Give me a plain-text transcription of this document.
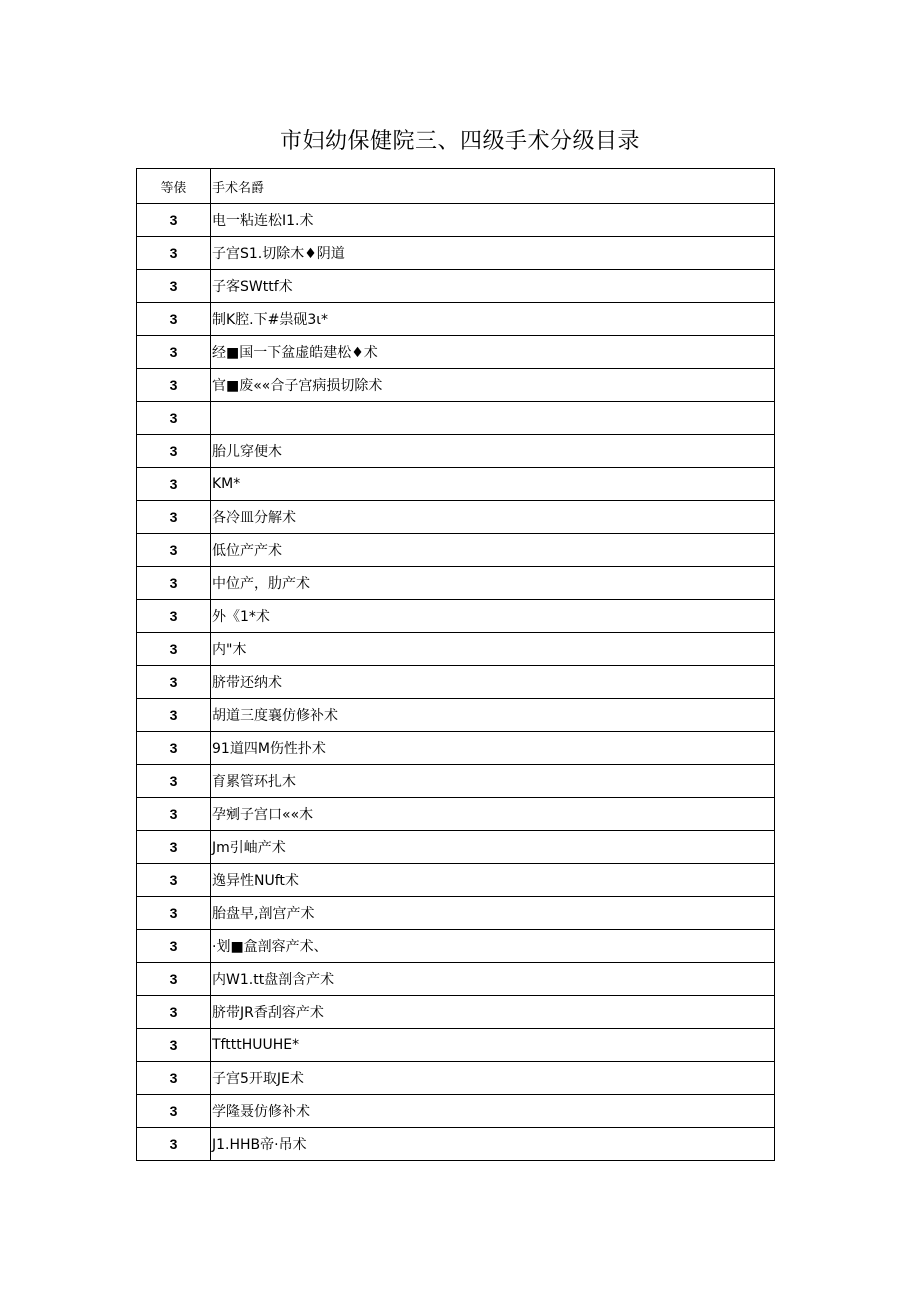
市妇幼保健院三、四级手术分级目录
等俵	手术名爵
3	电一粘连松I1.术
3	子宫S1.切除木♦阴道
3	子客SWttf术
3	制K腔.下#祟砚3ι*
3	经■国一下盆虚皓建松♦术
3	官■废««合子宫病损切除术
3	
3	胎儿穿便木
3	KM*
3	各冷皿分解术
3	低位产产术
3	中位产，肋产术
3	外《1*术
3	内"木
3	脐带还纳术
3	胡道三度襄仿修补术
3	91道四M伤性扑术
3	育累管环扎木
3	孕剜子宫口««木
3	Jm引岫产术
3	逸异性NUft术
3	胎盘早,剖宫产术
3	·划■盒剖容产术、
3	内W1.tt盘剖含产术
3	脐带JR香刮容产术
3	TftttHUUHE*
3	子宫5开取JE术
3	学隆聂仿修补术
3	J1.HHB帝·吊术
